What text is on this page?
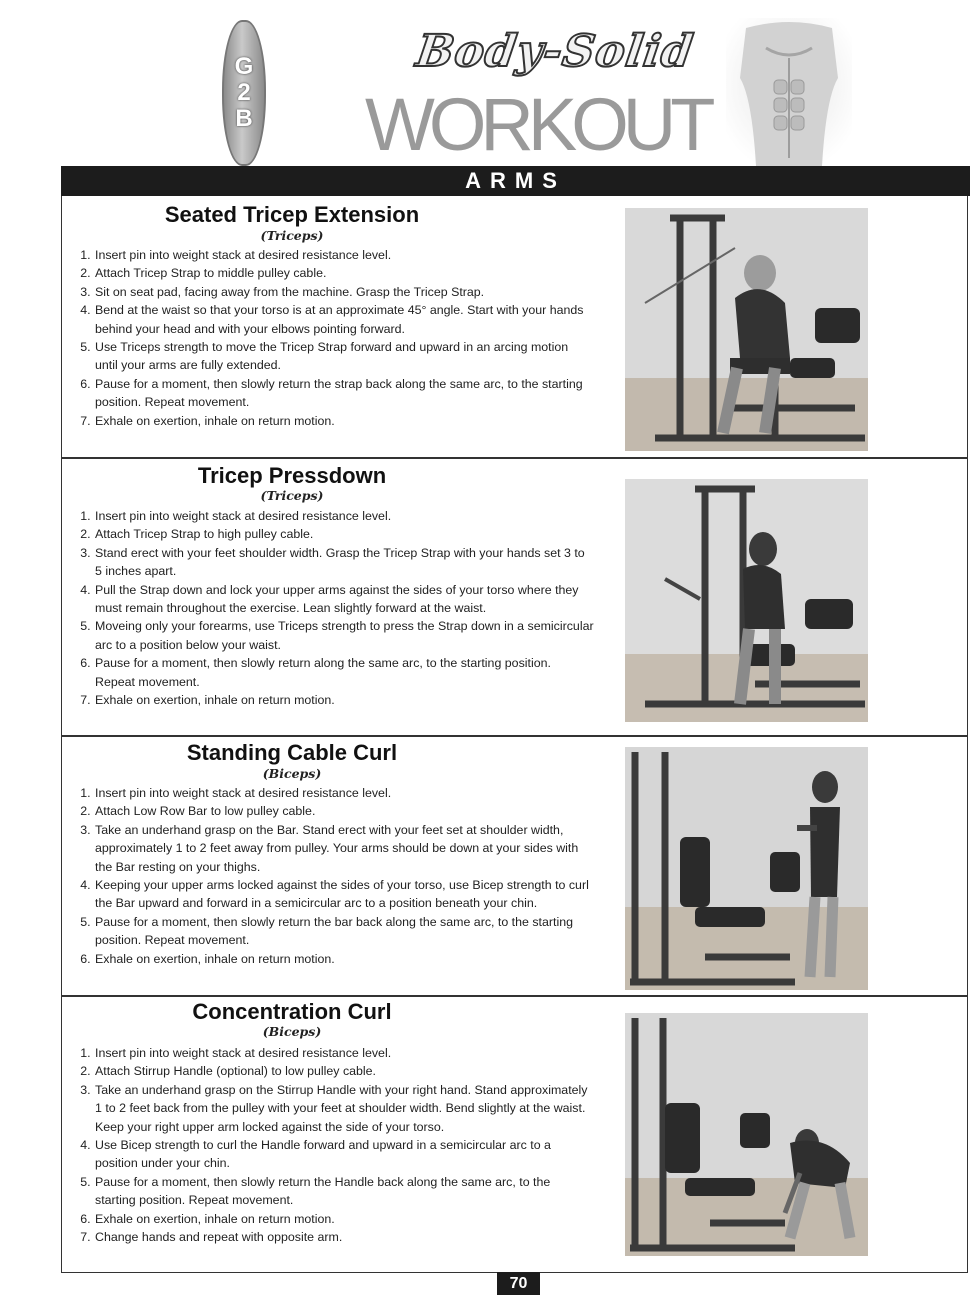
G
2
B
Body-Solid
WORKOUT
ARMS
Seated Tricep Extension
(Triceps)
1. Insert pin into weight stack at desired resistance level.
2. Attach Tricep Strap to middle pulley cable.
3. Sit on seat pad, facing away from the machine. Grasp the Tricep Strap.
4. Bend at the waist so that your torso is at an approximate 45° angle. Start with your hands behind your head and with your elbows pointing forward.
5. Use Triceps strength to move the Tricep Strap forward and upward in an arcing motion until your arms are fully extended.
6. Pause for a moment, then slowly return the strap back along the same arc, to the starting position. Repeat movement.
7. Exhale on exertion, inhale on return motion.
Tricep Pressdown
(Triceps)
1. Insert pin into weight stack at desired resistance level.
2. Attach Tricep Strap to high pulley cable.
3. Stand erect with your feet shoulder width. Grasp the Tricep Strap with your hands set 3 to 5 inches apart.
4. Pull the Strap down and lock your upper arms against the sides of your torso where they must remain throughout the exercise. Lean slightly forward at the waist.
5. Moveing only your forearms, use Triceps strength to press the Strap down in a semicircular arc to a position below your waist.
6. Pause for a moment, then slowly return along the same arc, to the starting position. Repeat movement.
7. Exhale on exertion, inhale on return motion.
Standing Cable Curl
(Biceps)
1. Insert pin into weight stack at desired resistance level.
2. Attach Low Row Bar to low pulley cable.
3. Take an underhand grasp on the Bar. Stand erect with your feet set at shoulder width, approximately 1 to 2 feet away from pulley. Your arms should be down at your sides with the Bar resting on your thighs.
4. Keeping your upper arms locked against the sides of your torso, use Bicep strength to curl the Bar upward and forward in a semicircular arc to a position beneath your chin.
5. Pause for a moment, then slowly return the bar back along the same arc, to the starting position. Repeat movement.
6. Exhale on exertion, inhale on return motion.
Concentration Curl
(Biceps)
1. Insert pin into weight stack at desired resistance level.
2. Attach Stirrup Handle (optional) to low pulley cable.
3. Take an underhand grasp on the Stirrup Handle with your right hand. Stand approximately 1 to 2 feet back from the pulley with your feet at shoulder width. Bend slightly at the waist. Keep your right upper arm locked against the side of your torso.
4. Use Bicep strength to curl the Handle forward and upward in a semicircular arc to a position under your chin.
5. Pause for a moment, then slowly return the Handle back along the same arc, to the starting position. Repeat movement.
6. Exhale on exertion, inhale on return motion.
7. Change hands and repeat with opposite arm.
70
